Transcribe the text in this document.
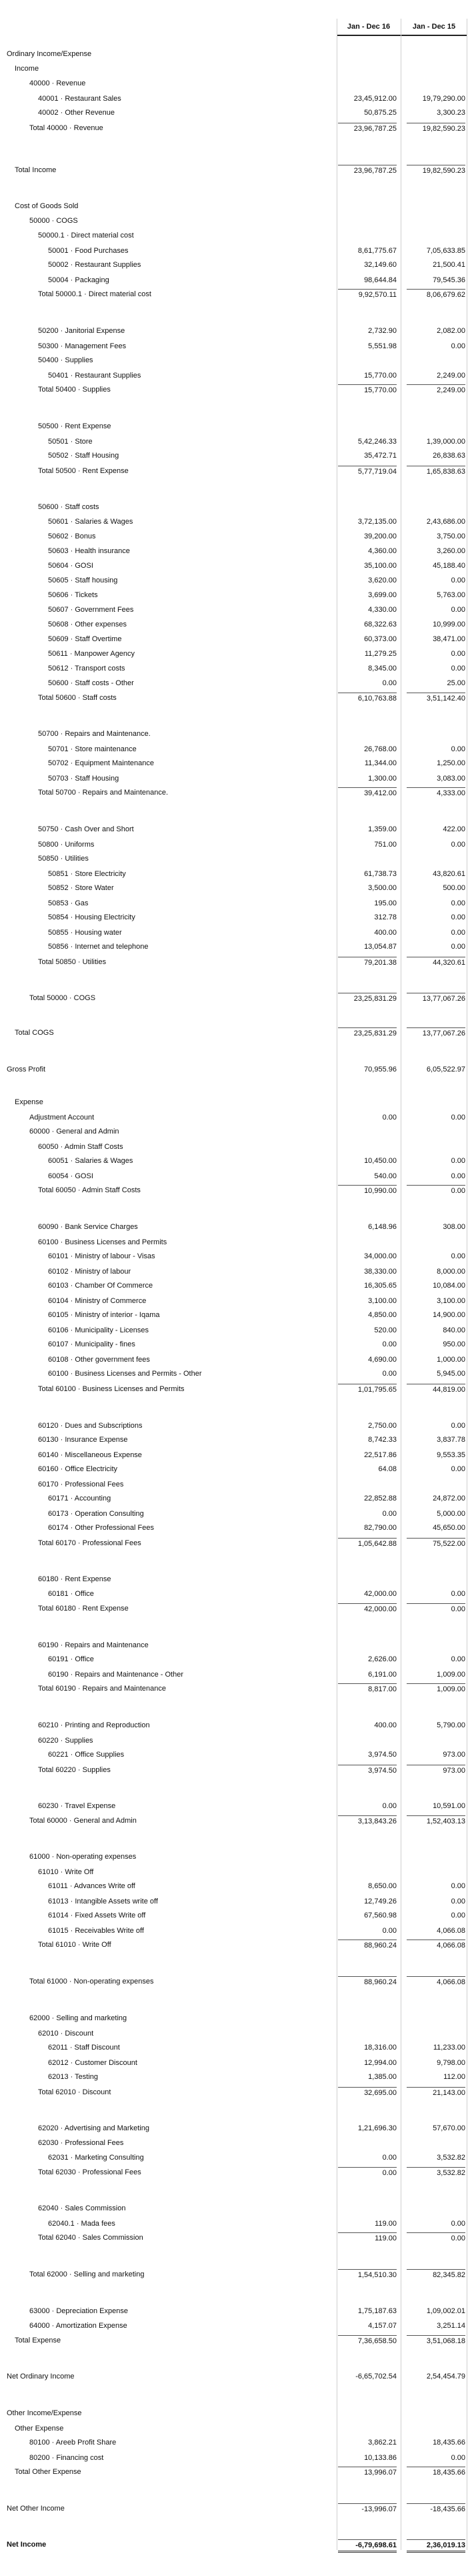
Jan - Dec 16	Jan - Dec 15
Ordinary Income/Expense
Income
40000 · Revenue
40001 · Restaurant Sales	23,45,912.00	19,79,290.00
40002 · Other Revenue	50,875.25	3,300.23
Total 40000 · Revenue	23,96,787.25	19,82,590.23
Total Income	23,96,787.25	19,82,590.23
Cost of Goods Sold
50000 · COGS
50000.1 · Direct material cost
50001 · Food Purchases	8,61,775.67	7,05,633.85
50002 · Restaurant Supplies	32,149.60	21,500.41
50004 · Packaging	98,644.84	79,545.36
Total 50000.1 · Direct material cost	9,92,570.11	8,06,679.62
50200 · Janitorial Expense	2,732.90	2,082.00
50300 · Management Fees	5,551.98	0.00
50400 · Supplies
50401 · Restaurant Supplies	15,770.00	2,249.00
Total 50400 · Supplies	15,770.00	2,249.00
50500 · Rent Expense
50501 · Store	5,42,246.33	1,39,000.00
50502 · Staff Housing	35,472.71	26,838.63
Total 50500 · Rent Expense	5,77,719.04	1,65,838.63
50600 · Staff costs
50601 · Salaries & Wages	3,72,135.00	2,43,686.00
50602 · Bonus	39,200.00	3,750.00
50603 · Health insurance	4,360.00	3,260.00
50604 · GOSI	35,100.00	45,188.40
50605 · Staff housing	3,620.00	0.00
50606 · Tickets	3,699.00	5,763.00
50607 · Government Fees	4,330.00	0.00
50608 · Other expenses	68,322.63	10,999.00
50609 · Staff Overtime	60,373.00	38,471.00
50611 · Manpower Agency	11,279.25	0.00
50612 · Transport costs	8,345.00	0.00
50600 · Staff costs - Other	0.00	25.00
Total 50600 · Staff costs	6,10,763.88	3,51,142.40
50700 · Repairs and Maintenance.
50701 · Store maintenance	26,768.00	0.00
50702 · Equipment Maintenance	11,344.00	1,250.00
50703 · Staff Housing	1,300.00	3,083.00
Total 50700 · Repairs and Maintenance.	39,412.00	4,333.00
50750 · Cash Over and Short	1,359.00	422.00
50800 · Uniforms	751.00	0.00
50850 · Utilities
50851 · Store Electricity	61,738.73	43,820.61
50852 · Store Water	3,500.00	500.00
50853 · Gas	195.00	0.00
50854 · Housing Electricity	312.78	0.00
50855 · Housing water	400.00	0.00
50856 · Internet and telephone	13,054.87	0.00
Total 50850 · Utilities	79,201.38	44,320.61
Total 50000 · COGS	23,25,831.29	13,77,067.26
Total COGS	23,25,831.29	13,77,067.26
Gross Profit	70,955.96	6,05,522.97
Expense
Adjustment Account	0.00	0.00
60000 · General and Admin
60050 · Admin Staff Costs
60051 · Salaries & Wages	10,450.00	0.00
60054 · GOSI	540.00	0.00
Total 60050 · Admin Staff Costs	10,990.00	0.00
60090 · Bank Service Charges	6,148.96	308.00
60100 · Business Licenses and Permits
60101 · Ministry of labour - Visas	34,000.00	0.00
60102 · Ministry of labour	38,330.00	8,000.00
60103 · Chamber Of Commerce	16,305.65	10,084.00
60104 · Ministry of Commerce	3,100.00	3,100.00
60105 · Ministry of interior - Iqama	4,850.00	14,900.00
60106 · Municipality - Licenses	520.00	840.00
60107 · Municipality - fines	0.00	950.00
60108 · Other government fees	4,690.00	1,000.00
60100 · Business Licenses and Permits - Other	0.00	5,945.00
Total 60100 · Business Licenses and Permits	1,01,795.65	44,819.00
60120 · Dues and Subscriptions	2,750.00	0.00
60130 · Insurance Expense	8,742.33	3,837.78
60140 · Miscellaneous Expense	22,517.86	9,553.35
60160 · Office Electricity	64.08	0.00
60170 · Professional Fees
60171 · Accounting	22,852.88	24,872.00
60173 · Operation Consulting	0.00	5,000.00
60174 · Other Professional Fees	82,790.00	45,650.00
Total 60170 · Professional Fees	1,05,642.88	75,522.00
60180 · Rent Expense
60181 · Office	42,000.00	0.00
Total 60180 · Rent Expense	42,000.00	0.00
60190 · Repairs and Maintenance
60191 · Office	2,626.00	0.00
60190 · Repairs and Maintenance - Other	6,191.00	1,009.00
Total 60190 · Repairs and Maintenance	8,817.00	1,009.00
60210 · Printing and Reproduction	400.00	5,790.00
60220 · Supplies
60221 · Office Supplies	3,974.50	973.00
Total 60220 · Supplies	3,974.50	973.00
60230 · Travel Expense	0.00	10,591.00
Total 60000 · General and Admin	3,13,843.26	1,52,403.13
61000 · Non-operating expenses
61010 · Write Off
61011 · Advances Write off	8,650.00	0.00
61013 · Intangible Assets write off	12,749.26	0.00
61014 · Fixed Assets Write off	67,560.98	0.00
61015 · Receivables Write off	0.00	4,066.08
Total 61010 · Write Off	88,960.24	4,066.08
Total 61000 · Non-operating expenses	88,960.24	4,066.08
62000 · Selling and marketing
62010 · Discount
62011 · Staff Discount	18,316.00	11,233.00
62012 · Customer Discount	12,994.00	9,798.00
62013 · Testing	1,385.00	112.00
Total 62010 · Discount	32,695.00	21,143.00
62020 · Advertising and Marketing	1,21,696.30	57,670.00
62030 · Professional Fees
62031 · Marketing Consulting	0.00	3,532.82
Total 62030 · Professional Fees	0.00	3,532.82
62040 · Sales Commission
62040.1 · Mada fees	119.00	0.00
Total 62040 · Sales Commission	119.00	0.00
Total 62000 · Selling and marketing	1,54,510.30	82,345.82
63000 · Depreciation Expense	1,75,187.63	1,09,002.01
64000 · Amortization Expense	4,157.07	3,251.14
Total Expense	7,36,658.50	3,51,068.18
Net Ordinary Income	-6,65,702.54	2,54,454.79
Other Income/Expense
Other Expense
80100 · Areeb Profit Share	3,862.21	18,435.66
80200 · Financing cost	10,133.86	0.00
Total Other Expense	13,996.07	18,435.66
Net Other Income	-13,996.07	-18,435.66
Net Income	-6,79,698.61	2,36,019.13
